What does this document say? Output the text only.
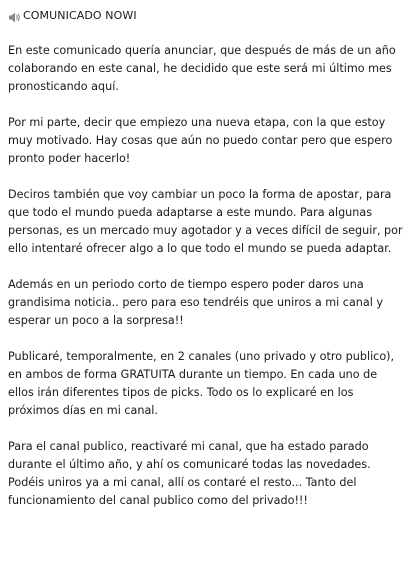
COMUNICADO NOWI

En este comunicado quería anunciar, que después de más de un año colaborando en este canal, he decidido que este será mi último mes pronosticando aquí.

Por mi parte, decir que empiezo una nueva etapa, con la que estoy muy motivado. Hay cosas que aún no puedo contar pero que espero pronto poder hacerlo!

Deciros también que voy cambiar un poco la forma de apostar, para que todo el mundo pueda adaptarse a este mundo. Para algunas personas, es un mercado muy agotador y a veces difícil de seguir, por ello intentaré ofrecer algo a lo que todo el mundo se pueda adaptar.

Además en un periodo corto de tiempo espero poder daros una grandisima noticia.. pero para eso tendréis que uniros a mi canal y esperar un poco a la sorpresa!!

Publicaré, temporalmente, en 2 canales (uno privado y otro publico), en ambos de forma GRATUITA durante un tiempo. En cada uno de ellos irán diferentes tipos de picks. Todo os lo explicaré en los próximos días en mi canal.

Para el canal publico, reactivaré mi canal, que ha estado parado durante el último año, y ahí os comunicaré todas las novedades. Podéis uniros ya a mi canal, allí os contaré el resto... Tanto del funcionamiento del canal publico como del privado!!!
